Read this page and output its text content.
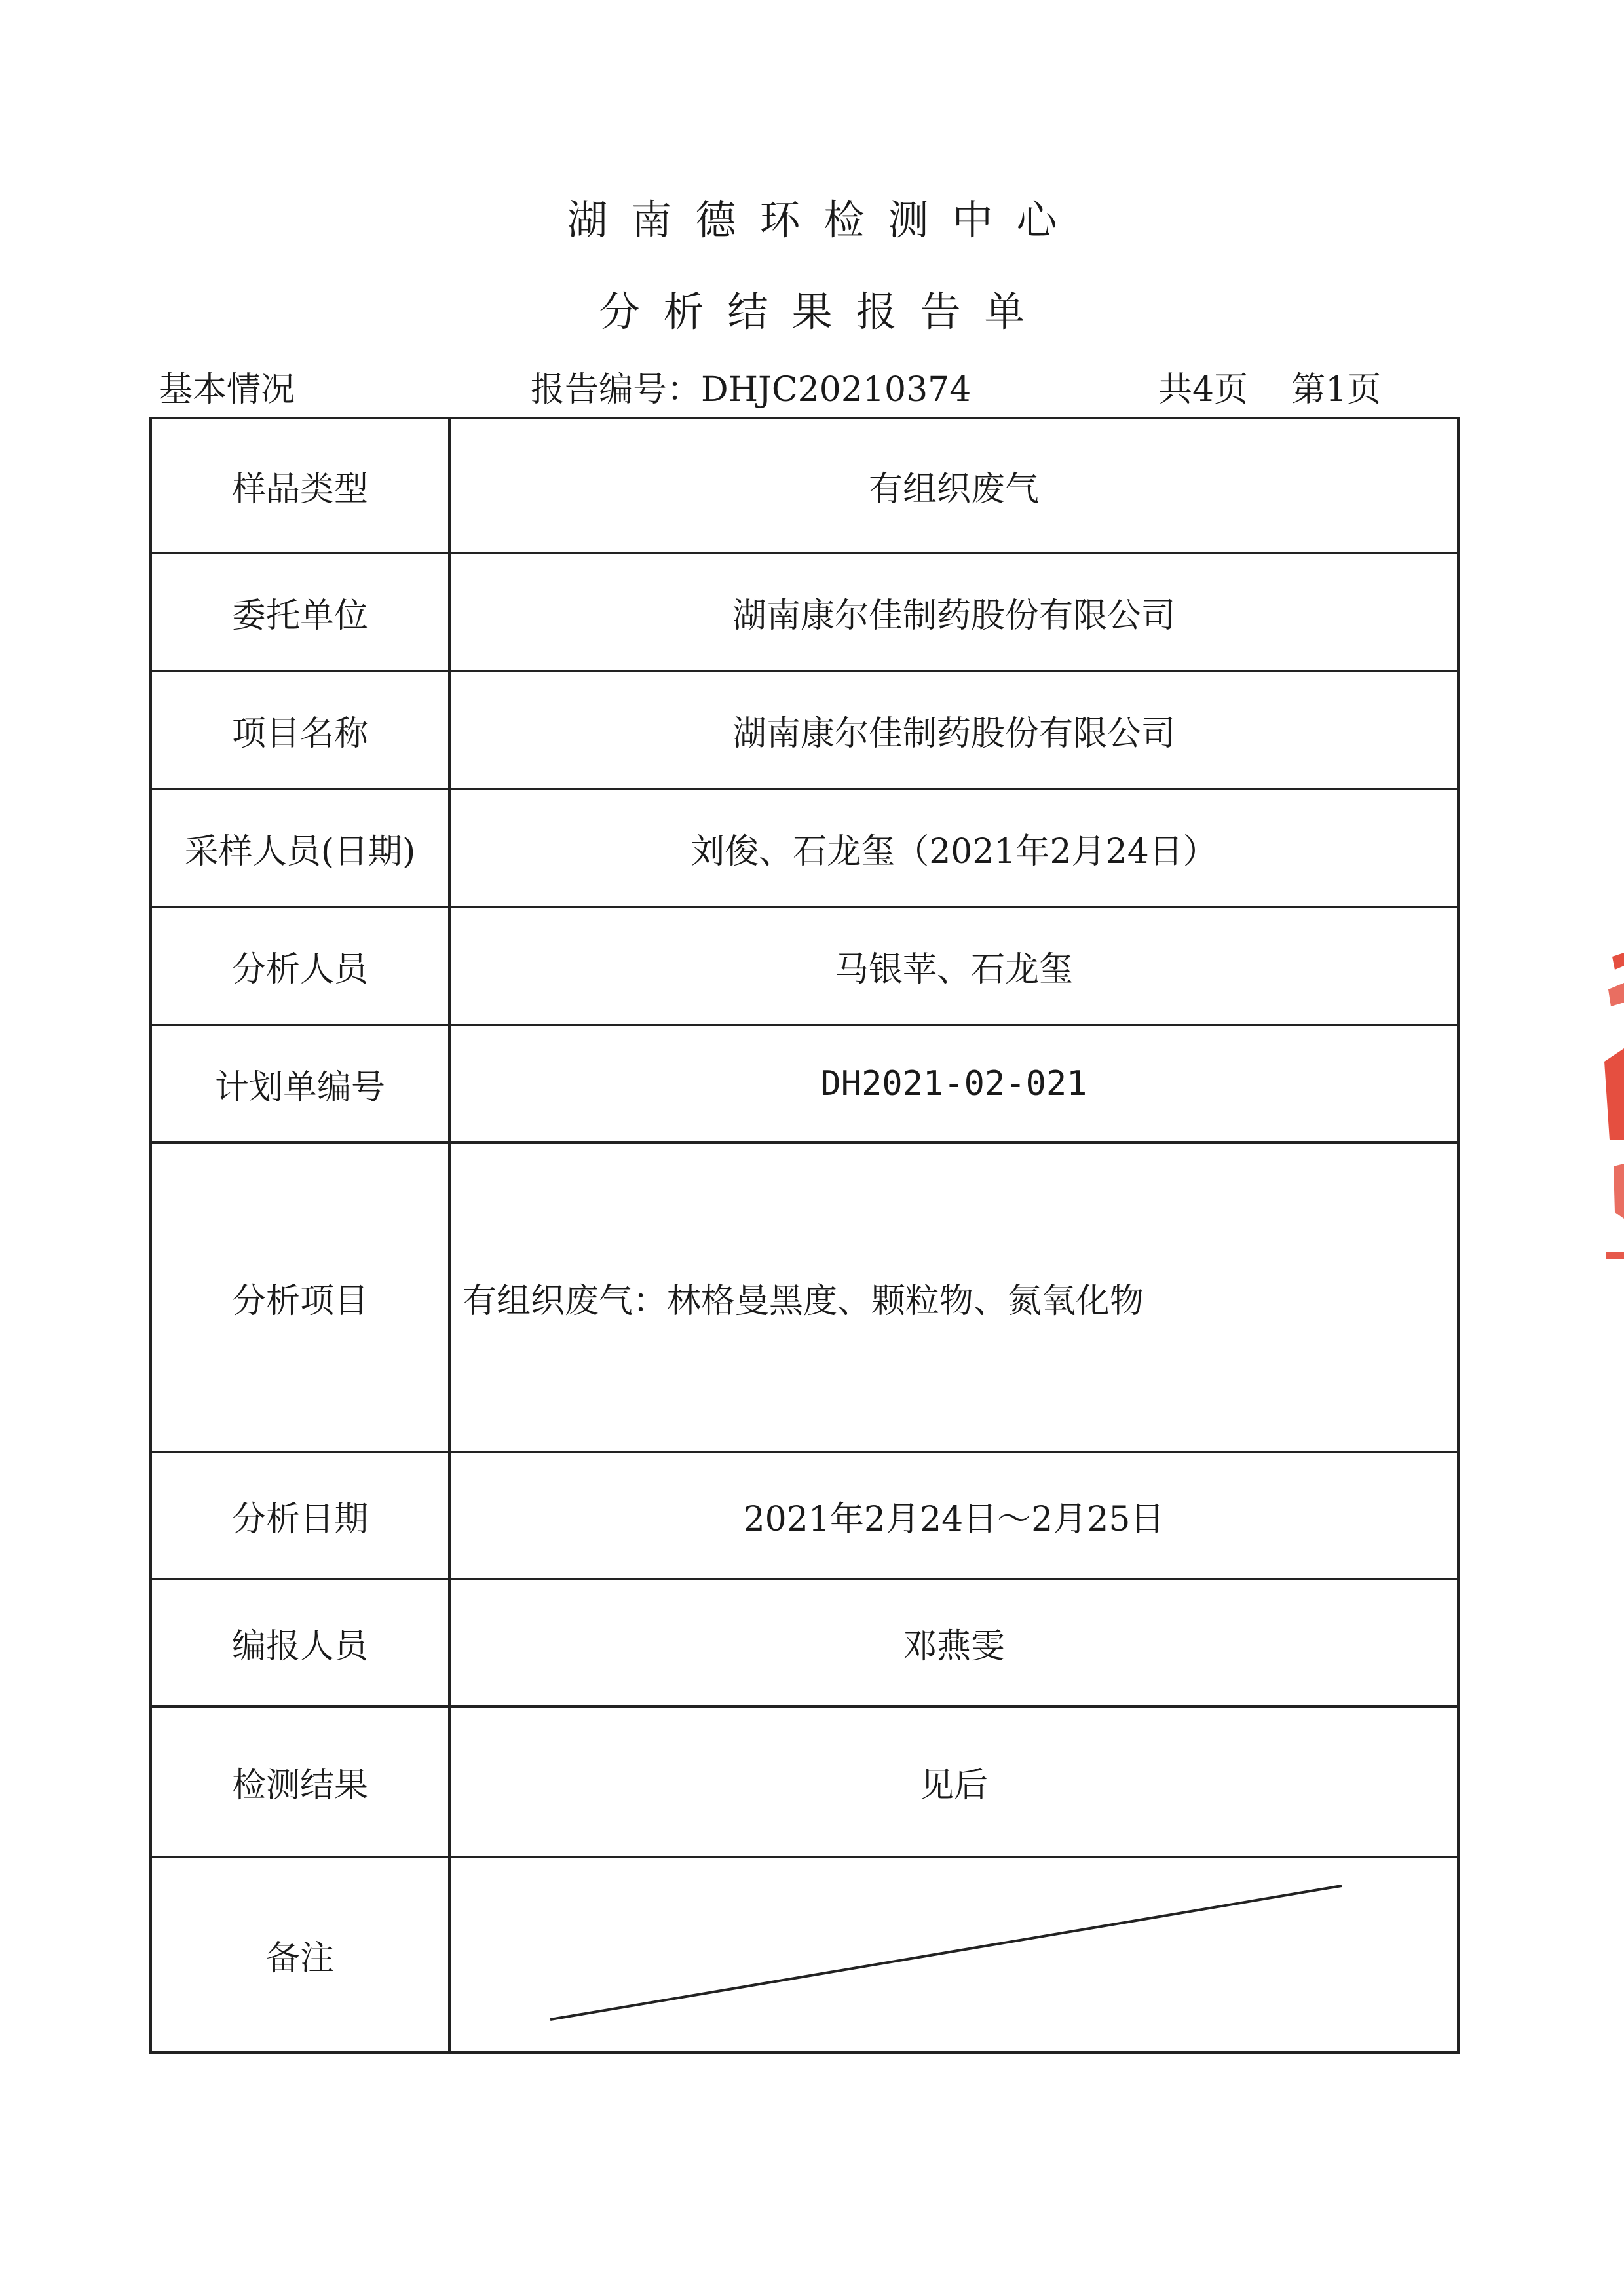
湖南德环检测中心
分析结果报告单
基本情况	报告编号：DHJC20210374	共4页    第1页
样品类型	有组织废气
委托单位	湖南康尔佳制药股份有限公司
项目名称	湖南康尔佳制药股份有限公司
采样人员(日期)	刘俊、石龙玺（2021年2月24日）
分析人员	马银苹、石龙玺
计划单编号	DH2021-02-021
分析项目	有组织废气：林格曼黑度、颗粒物、氮氧化物
分析日期	2021年2月24日～2月25日
编报人员	邓燕雯
检测结果	见后
备注	
